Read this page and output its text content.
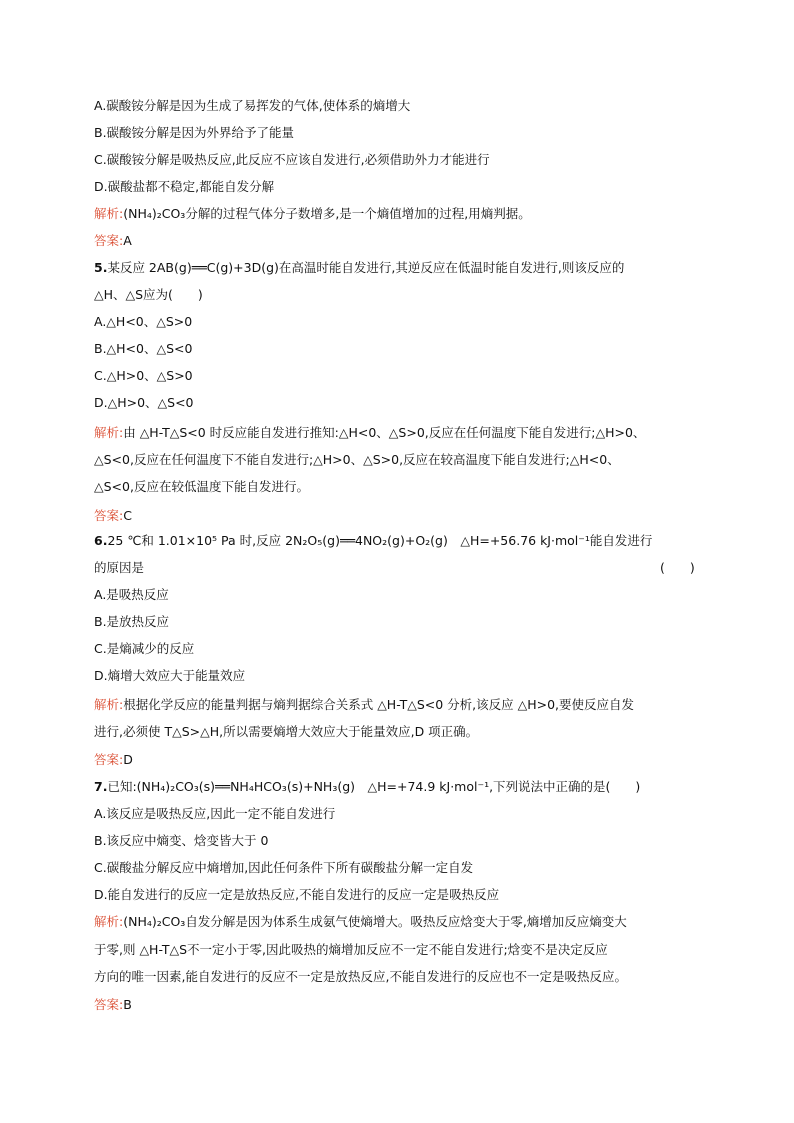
A.碳酸铵分解是因为生成了易挥发的气体,使体系的熵增大
B.碳酸铵分解是因为外界给予了能量
C.碳酸铵分解是吸热反应,此反应不应该自发进行,必须借助外力才能进行
D.碳酸盐都不稳定,都能自发分解
解析:(NH₄)₂CO₃分解的过程气体分子数增多,是一个熵值增加的过程,用熵判据。
答案:A
5.某反应 2AB(g)══C(g)+3D(g)在高温时能自发进行,其逆反应在低温时能自发进行,则该反应的
△H、△S应为(　　)
A.△H<0、△S>0
B.△H<0、△S<0
C.△H>0、△S>0
D.△H>0、△S<0
解析:由 △H-T△S<0 时反应能自发进行推知:△H<0、△S>0,反应在任何温度下能自发进行;△H>0、
△S<0,反应在任何温度下不能自发进行;△H>0、△S>0,反应在较高温度下能自发进行;△H<0、
△S<0,反应在较低温度下能自发进行。
答案:C
6.25 ℃和 1.01×10⁵ Pa 时,反应 2N₂O₅(g)══4NO₂(g)+O₂(g)　△H=+56.76 kJ·mol⁻¹能自发进行
的原因是	(　　)
A.是吸热反应
B.是放热反应
C.是熵减少的反应
D.熵增大效应大于能量效应
解析:根据化学反应的能量判据与熵判据综合关系式 △H-T△S<0 分析,该反应 △H>0,要使反应自发
进行,必须使 T△S>△H,所以需要熵增大效应大于能量效应,D 项正确。
答案:D
7.已知:(NH₄)₂CO₃(s)══NH₄HCO₃(s)+NH₃(g)　△H=+74.9 kJ·mol⁻¹,下列说法中正确的是(　　)
A.该反应是吸热反应,因此一定不能自发进行
B.该反应中熵变、焓变皆大于 0
C.碳酸盐分解反应中熵增加,因此任何条件下所有碳酸盐分解一定自发
D.能自发进行的反应一定是放热反应,不能自发进行的反应一定是吸热反应
解析:(NH₄)₂CO₃自发分解是因为体系生成氨气使熵增大。吸热反应焓变大于零,熵增加反应熵变大
于零,则 △H-T△S不一定小于零,因此吸热的熵增加反应不一定不能自发进行;焓变不是决定反应
方向的唯一因素,能自发进行的反应不一定是放热反应,不能自发进行的反应也不一定是吸热反应。
答案:B
